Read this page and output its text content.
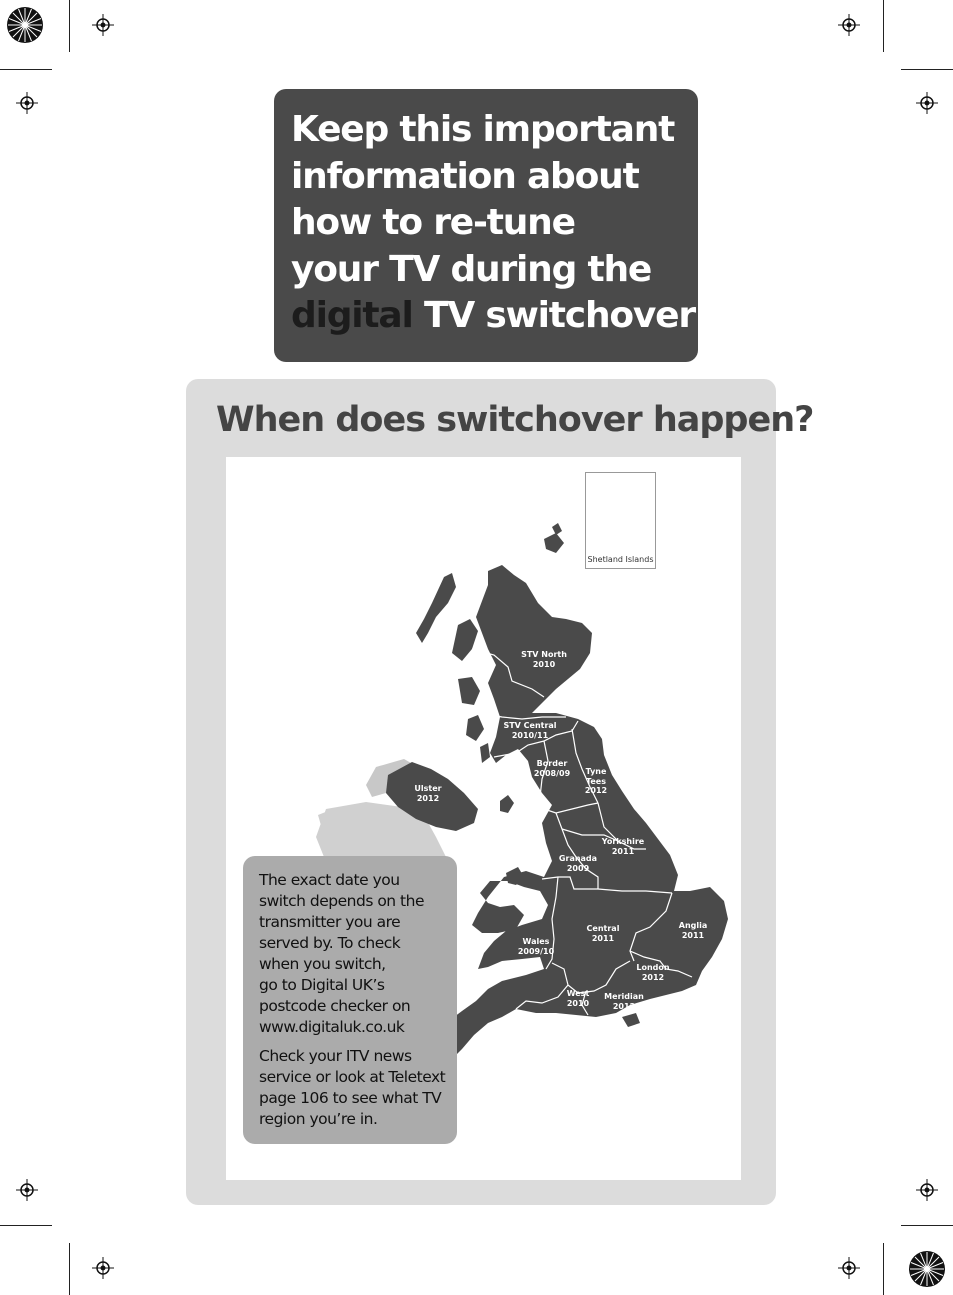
Keep this important
information about
how to re-tune
your TV during the
digital TV switchover
When does switchover happen?
Shetland Islands
STV North
2010
STV Central
2010/11
Border
2008/09	Tyne Tees
2012
Ulster
2012
Yorkshire
2011
Granada
2009
Anglia
2011
Central
2011
Wales
2009/10
London
2012
West
2010
Meridian
2012
West Country
2009

The exact date you
switch depends on the
transmitter you are
served by. To check
when you switch,
go to Digital UK’s
postcode checker on
www.digitaluk.co.uk

Check your ITV news
service or look at Teletext
page 106 to see what TV
region you’re in.
